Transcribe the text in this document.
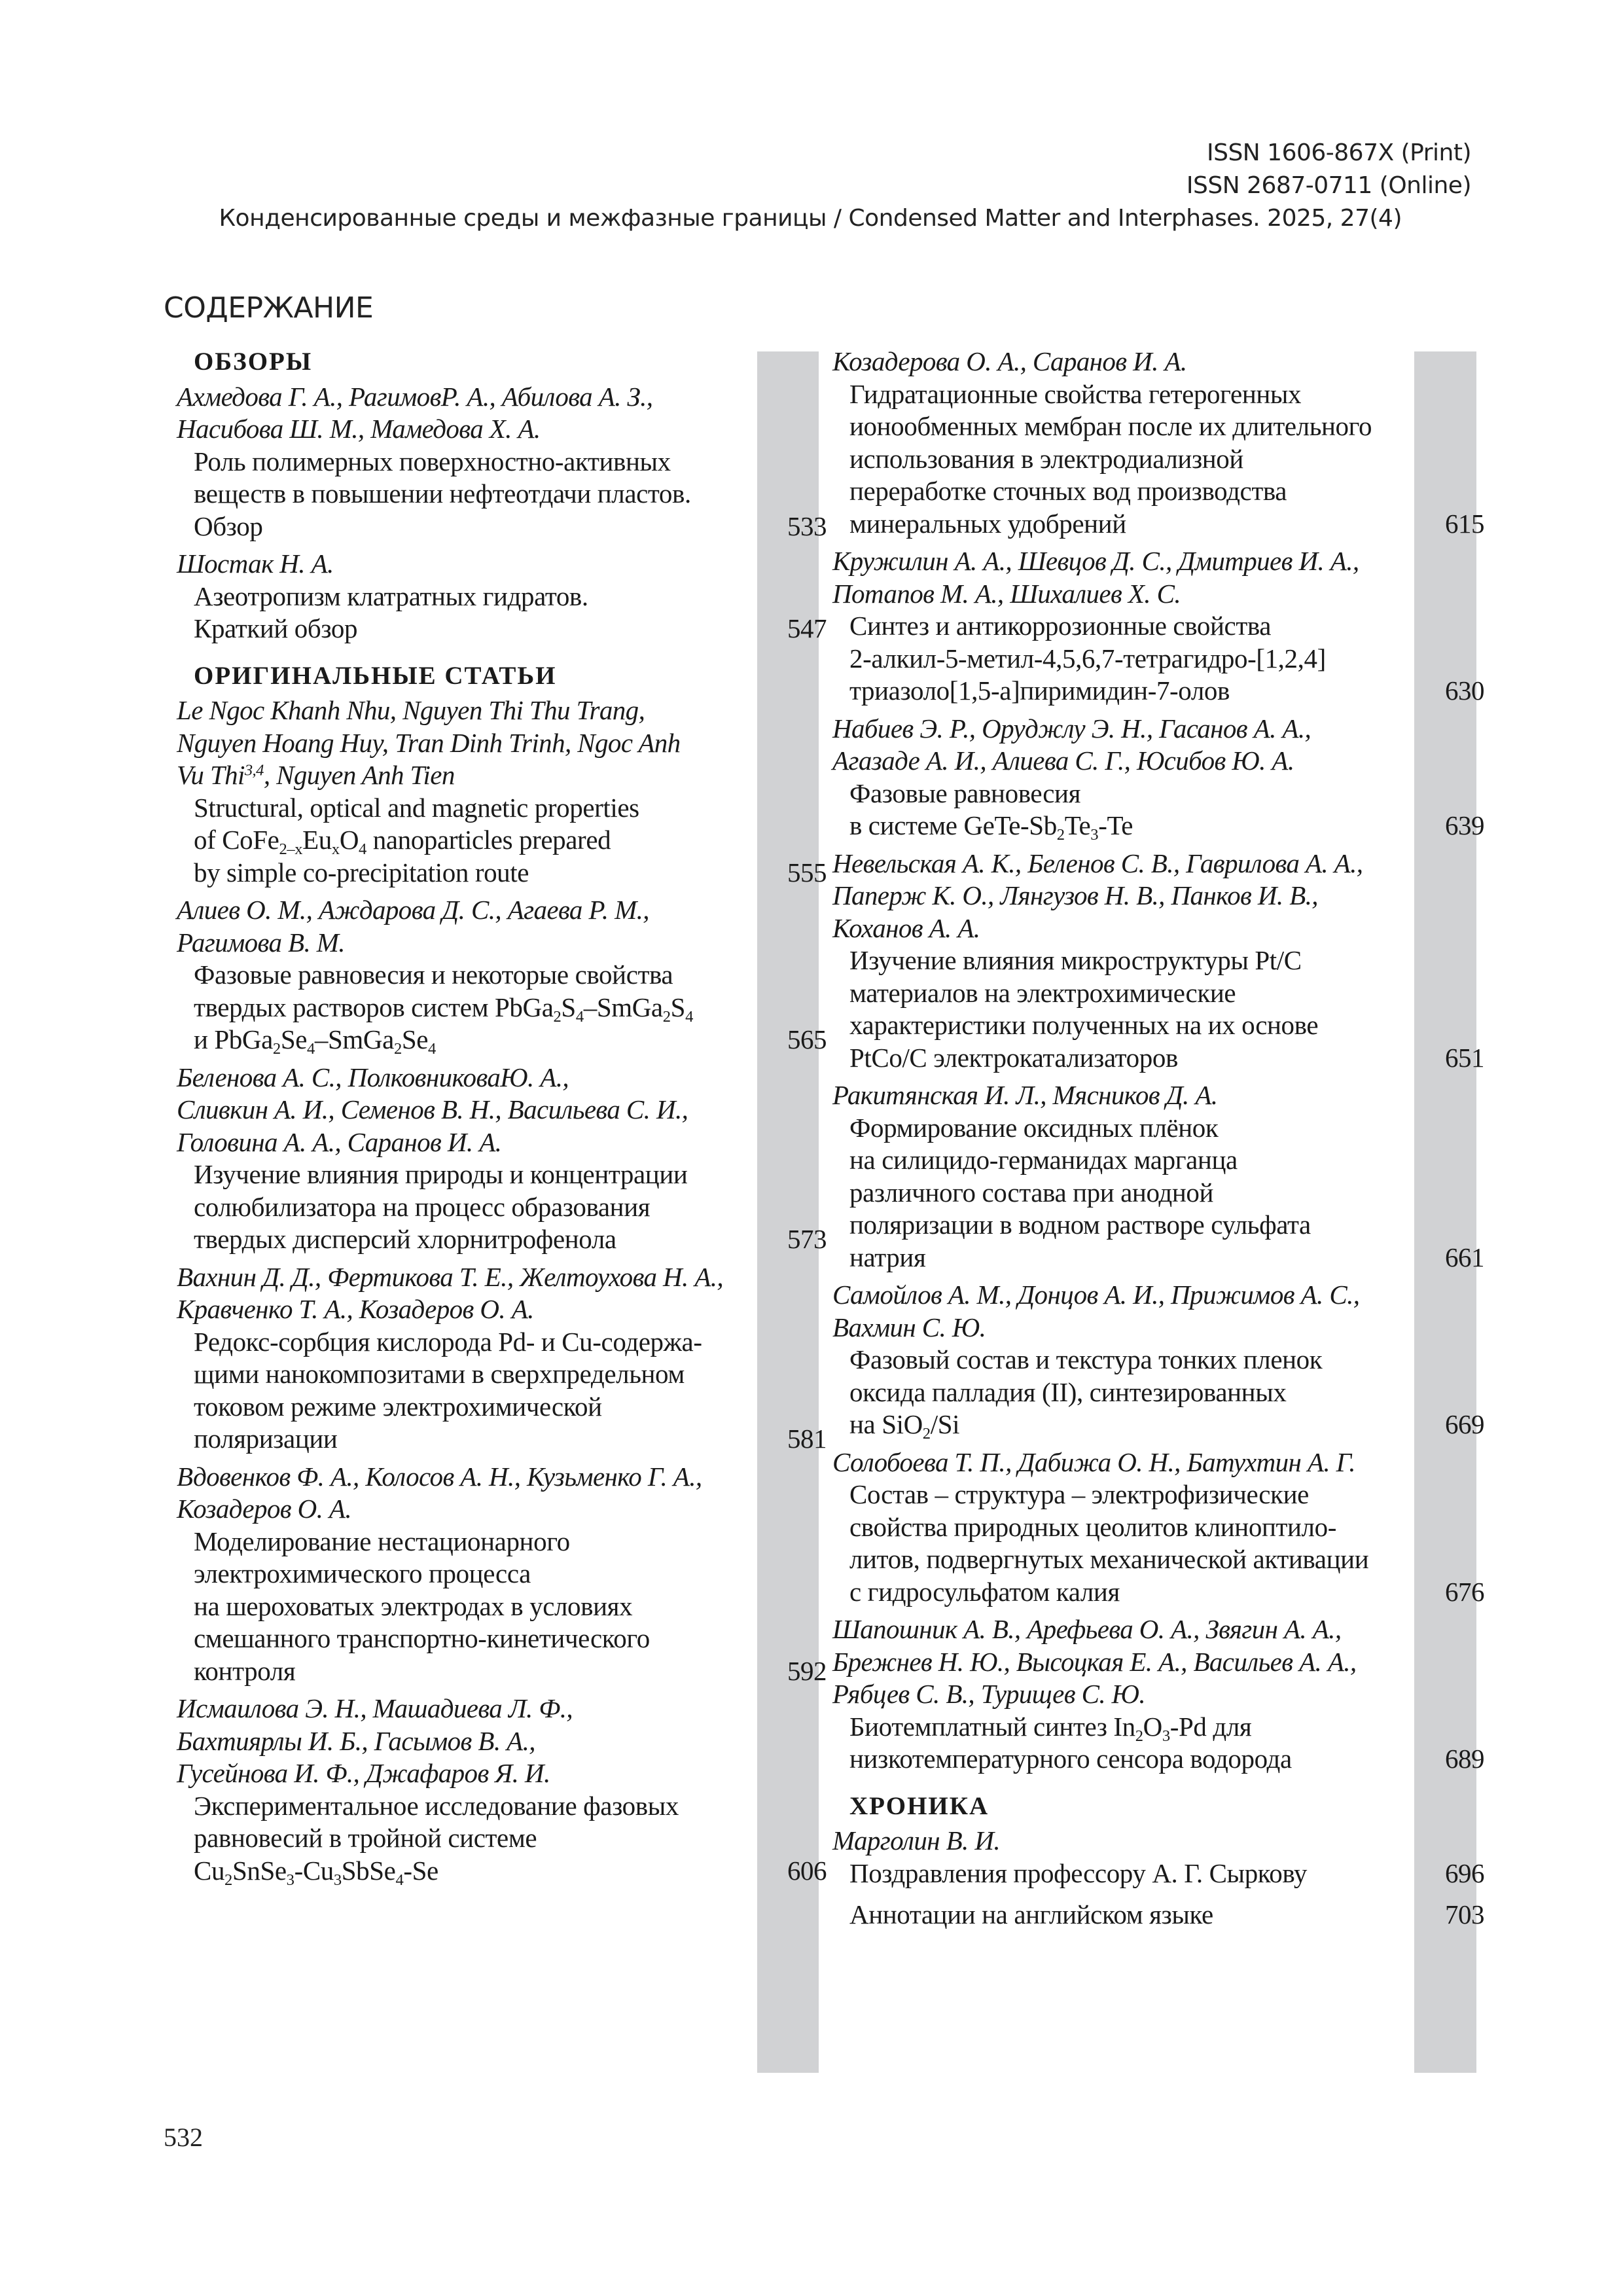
ISSN 1606-867X (Print)
ISSN 2687-0711 (Online)
Конденсированные среды и межфазные границы / Condensed Matter and Interphases. 2025, 27(4)
СОДЕРЖАНИЕ
ОБЗОРЫ
Ахмедова Г. А., РагимовР. А., Абилова А. З.,
Насибова Ш. М., Мамедова Х. А.
Роль полимерных поверхностно-активных
веществ в повышении нефтеотдачи пластов.
Обзор	533
Шостак Н. А.
Азеотропизм клатратных гидратов.
Краткий обзор	547
ОРИГИНАЛЬНЫЕ СТАТЬИ
Le Ngoc Khanh Nhu, Nguyen Thi Thu Trang,
Nguyen Hoang Huy, Tran Dinh Trinh, Ngoc Anh
Vu Thi$^{3,4}$, Nguyen Anh Tien
Structural, optical and magnetic properties
of $CoFe_{2-x}Eu_xO_4$ nanoparticles prepared
by simple co-precipitation route	555
Алиев О. М., Аждарова Д. С., Агаева Р. М.,
Рагимова В. М.
Фазовые равновесия и некоторые свойства
твердых растворов систем $PbGa_2S_4-SmGa_2S_4$
и $PbGa_2Se_4-SmGa_2Se_4$	565
Беленова А. С., ПолковниковаЮ. А.,
Сливкин А. И., Семенов В. Н., Васильева С. И.,
Головина А. А., Саранов И. А.
Изучение влияния природы и концентрации
солюбилизатора на процесс образования
твердых дисперсий хлорнитрофенола	573
Вахнин Д. Д., Фертикова Т. Е., Желтоухова Н. А.,
Кравченко Т. А., Козадеров О. А.
Редокс-сорбция кислорода Pd- и Cu-содержа-
щими нанокомпозитами в сверхпредельном
токовом режиме электрохимической
поляризации	581
Вдовенков Ф. А., Колосов А. Н., Кузьменко Г. А.,
Козадеров О. А.
Моделирование нестационарного
электрохимического процесса
на шероховатых электродах в условиях
смешанного транспортно-кинетического
контроля	592
Исмаилова Э. Н., Машадиева Л. Ф.,
Бахтиярлы И. Б., Гасымов В. А.,
Гусейнова И. Ф., Джафаров Я. И.
Экспериментальное исследование фазовых
равновесий в тройной системе
$Cu_2SnSe_3-Cu_3SbSe_4-Se$	606
Козадерова О. А., Саранов И. А.
Гидратационные свойства гетерогенных
ионообменных мембран после их длительного
использования в электродиализной
переработке сточных вод производства
минеральных удобрений	615
Кружилин А. А., Шевцов Д. С., Дмитриев И. А.,
Потапов М. А., Шихалиев Х. С.
Синтез и антикоррозионные свойства
2-алкил-5-метил-4,5,6,7-тетрагидро-[1,2,4]
триазоло[1,5-a]пиримидин-7-олов	630
Набиев Э. Р., Оруджлу Э. Н., Гасанов А. А.,
Агазаде А. И., Алиева С. Г., Юсибов Ю. А.
Фазовые равновесия
в системе GeTe-$Sb_2Te_3-Te$	639
Невельская А. К., Беленов С. В., Гаврилова А. А.,
Паперж К. О., Лянгузов Н. В., Панков И. В.,
Коханов А. А.
Изучение влияния микроструктуры Pt/C
материалов на электрохимические
характеристики полученных на их основе
PtCo/C электрокатализаторов	651
Ракитянская И. Л., Мясников Д. А.
Формирование оксидных плёнок
на силицидо-германидах марганца
различного состава при анодной
поляризации в водном растворе сульфата
натрия	661
Самойлов А. М., Донцов А. И., Прижимов А. С.,
Вахмин С. Ю.
Фазовый состав и текстура тонких пленок
оксида палладия (II), синтезированных
на SiO$_2$/Si	669
Солобоева Т. П., Дабижа О. Н., Батухтин А. Г.
Состав – структура – электрофизические
свойства природных цеолитов клиноптило-
литов, подвергнутых механической активации
с гидросульфатом калия	676
Шапошник А. В., Арефьева О. А., Звягин А. А.,
Брежнев Н. Ю., Высоцкая Е. А., Васильев А. А.,
Рябцев С. В., Турищев С. Ю.
Биотемплатный синтез $In_2O_3-Pd$ для
низкотемпературного сенсора водорода	689
ХРОНИКА
Марголин В. И.
Поздравления профессору А. Г. Сыркову	696
Аннотации на английском языке	703
532
